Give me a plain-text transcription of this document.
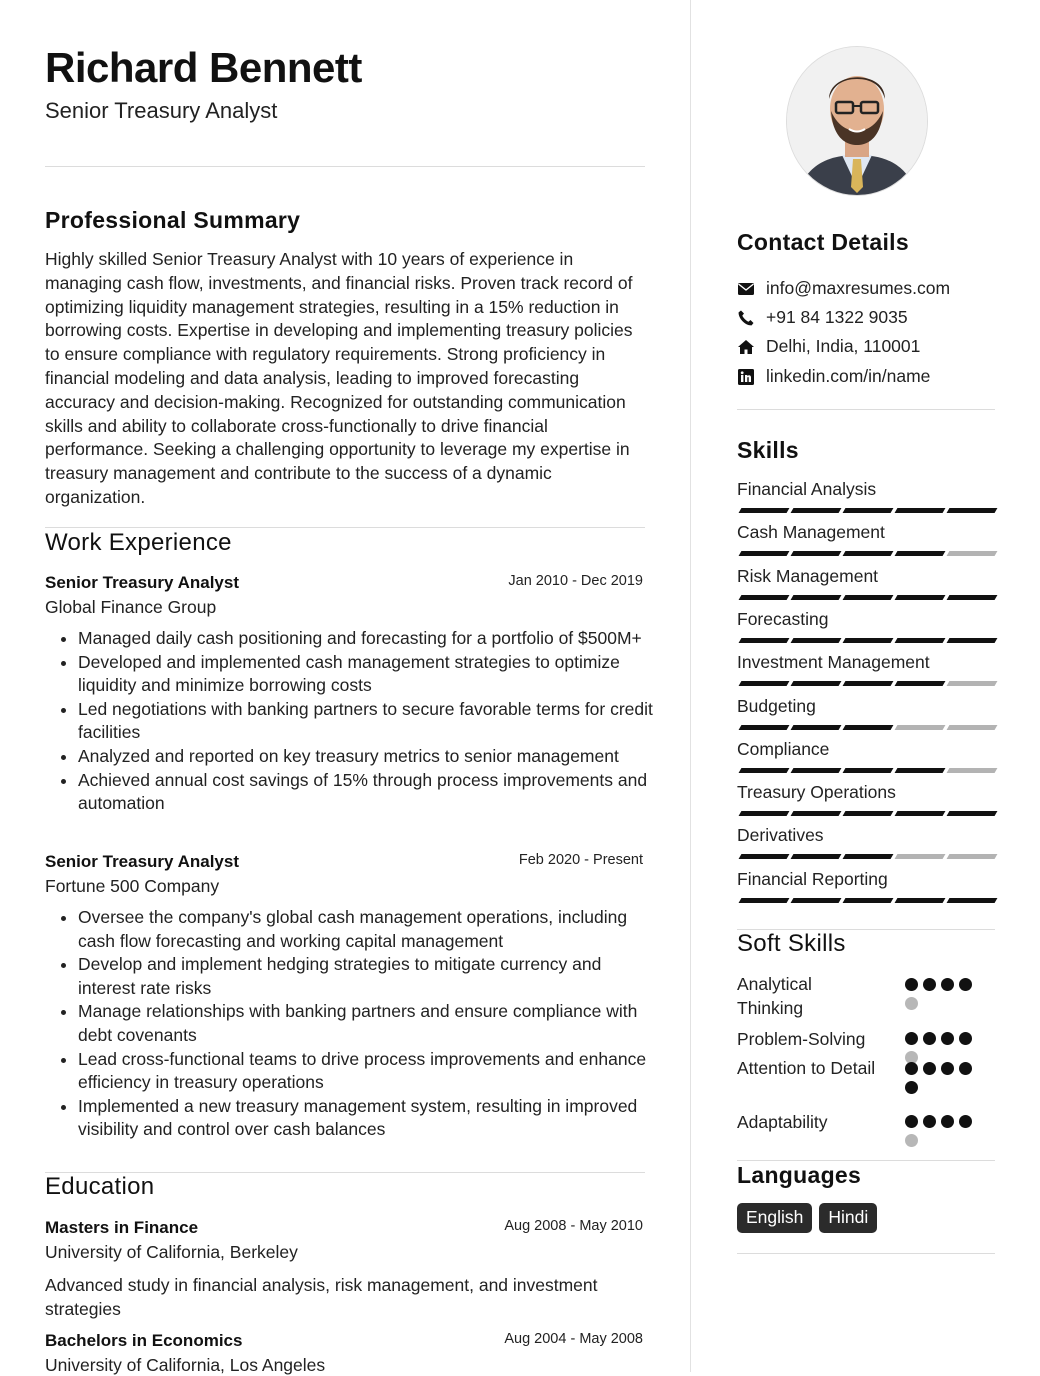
Richard Bennett
Senior Treasury Analyst
Professional Summary

Highly skilled Senior Treasury Analyst with 10 years of experience in managing cash flow, investments, and financial risks. Proven track record of optimizing liquidity management strategies, resulting in a 15% reduction in borrowing costs. Expertise in developing and implementing treasury policies to ensure compliance with regulatory requirements. Strong proficiency in financial modeling and data analysis, leading to improved forecasting accuracy and decision-making. Recognized for outstanding communication skills and ability to collaborate cross-functionally to drive financial performance. Seeking a challenging opportunity to leverage my expertise in treasury management and contribute to the success of a dynamic organization.

Work Experience
Senior Treasury Analyst	Jan 2010 - Dec 2019
Global Finance Group
• Managed daily cash positioning and forecasting for a portfolio of $500M+
• Developed and implemented cash management strategies to optimize liquidity and minimize borrowing costs
• Led negotiations with banking partners to secure favorable terms for credit facilities
• Analyzed and reported on key treasury metrics to senior management
• Achieved annual cost savings of 15% through process improvements and automation
Senior Treasury Analyst	Feb 2020 - Present
Fortune 500 Company
• Oversee the company's global cash management operations, including cash flow forecasting and working capital management
• Develop and implement hedging strategies to mitigate currency and interest rate risks
• Manage relationships with banking partners and ensure compliance with debt covenants
• Lead cross-functional teams to drive process improvements and enhance efficiency in treasury operations
• Implemented a new treasury management system, resulting in improved visibility and control over cash balances
Education
Masters in Finance	Aug 2008 - May 2010
University of California, Berkeley
Advanced study in financial analysis, risk management, and investment strategies
Bachelors in Economics	Aug 2004 - May 2008
University of California, Los Angeles
Contact Details
info@maxresumes.com
+91 84 1322 9035
Delhi, India, 110001
linkedin.com/in/name
Skills
Financial Analysis
Cash Management
Risk Management
Forecasting
Investment Management
Budgeting
Compliance
Treasury Operations
Derivatives
Financial Reporting
Soft Skills
Analytical Thinking
Problem-Solving
Attention to Detail
Adaptability
Languages
English	Hindi
